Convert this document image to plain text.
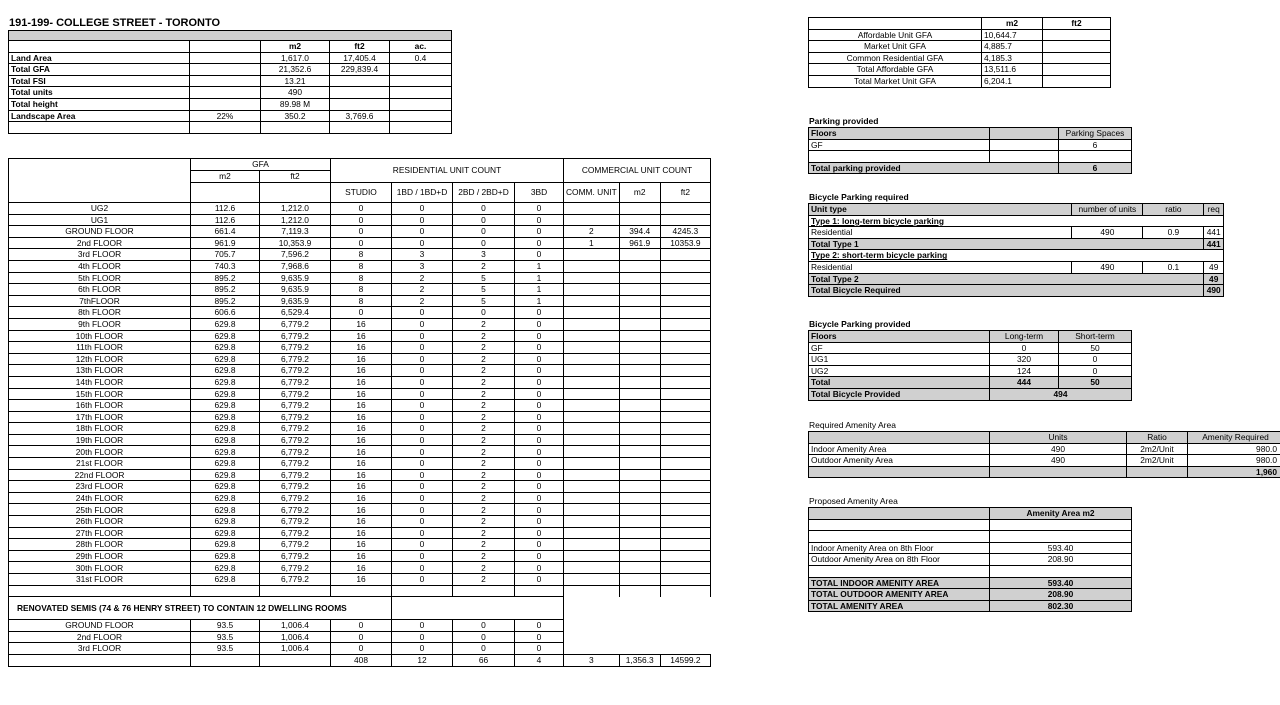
191-199- COLLEGE STREET - TORONTO

		m2	ft2	ac.
Land Area		1,617.0	17,405.4	0.4
Total GFA		21,352.6	229,839.4	
Total FSI		13.21		
Total units		490		
Total height		89.98 M		
Landscape Area	22%	350.2	3,769.6	

	GFA		RESIDENTIAL UNIT COUNT				COMMERCIAL UNIT COUNT		
	m2	ft2							
			STUDIO	1BD / 1BD+D	2BD / 2BD+D	3BD	COMM. UNIT	m2	ft2
UG2	112.6	1,212.0	0	0	0	0			
UG1	112.6	1,212.0	0	0	0	0			
GROUND FLOOR	661.4	7,119.3	0	0	0	0	2	394.4	4245.3
2nd FLOOR	961.9	10,353.9	0	0	0	0	1	961.9	10353.9
3rd FLOOR	705.7	7,596.2	8	3	3	0			
4th FLOOR	740.3	7,968.6	8	3	2	1			
5th FLOOR	895.2	9,635.9	8	2	5	1			
6th FLOOR	895.2	9,635.9	8	2	5	1			
7thFLOOR	895.2	9,635.9	8	2	5	1			
8th FLOOR	606.6	6,529.4	0	0	0	0			
9th FLOOR	629.8	6,779.2	16	0	2	0			
10th FLOOR	629.8	6,779.2	16	0	2	0			
11th FLOOR	629.8	6,779.2	16	0	2	0			
12th FLOOR	629.8	6,779.2	16	0	2	0			
13th FLOOR	629.8	6,779.2	16	0	2	0			
14th FLOOR	629.8	6,779.2	16	0	2	0			
15th FLOOR	629.8	6,779.2	16	0	2	0			
16th FLOOR	629.8	6,779.2	16	0	2	0			
17th FLOOR	629.8	6,779.2	16	0	2	0			
18th FLOOR	629.8	6,779.2	16	0	2	0			
19th FLOOR	629.8	6,779.2	16	0	2	0			
20th FLOOR	629.8	6,779.2	16	0	2	0			
21st FLOOR	629.8	6,779.2	16	0	2	0			
22nd FLOOR	629.8	6,779.2	16	0	2	0			
23rd FLOOR	629.8	6,779.2	16	0	2	0			
24th FLOOR	629.8	6,779.2	16	0	2	0			
25th FLOOR	629.8	6,779.2	16	0	2	0			
26th FLOOR	629.8	6,779.2	16	0	2	0			
27th FLOOR	629.8	6,779.2	16	0	2	0			
28th FLOOR	629.8	6,779.2	16	0	2	0			
29th FLOOR	629.8	6,779.2	16	0	2	0			
30th FLOOR	629.8	6,779.2	16	0	2	0			
31st FLOOR	629.8	6,779.2	16	0	2	0			

RENOVATED SEMIS (74 & 76 HENRY STREET) TO CONTAIN 12 DWELLING ROOMS									

GROUND FLOOR	93.5	1,006.4	0	0	0	0			
2nd FLOOR	93.5	1,006.4	0	0	0	0			
3rd FLOOR	93.5	1,006.4	0	0	0	0			
			408	12	66	4	3	1,356.3	14599.2
	m2	ft2
Affordable Unit GFA	10,644.7	
Market Unit GFA	4,885.7	
Common Residential GFA	4,185.3	
Total Affordable GFA	13,511.6	
Total Market Unit GFA	6,204.1	
Parking provided
Floors		Parking Spaces
GF		6

Total parking provided		6
Bicycle Parking required
Unit type	number of units	ratio	req
Type 1: long-term bicycle parking			
Residential	490	0.9	441
Total Type 1			441
Type 2: short-term bicycle parking			
Residential	490	0.1	49
Total Type 2			49
Total Bicycle Required			490
Bicycle Parking provided
Floors	Long-term	Short-term
GF	0	50
UG1	320	0
UG2	124	0
Total	444	50
Total Bicycle Provided	494	
Required Amenity Area
	Units	Ratio	Amenity Required
Indoor Amenity Area	490	2m2/Unit	980.0
Outdoor Amenity Area	490	2m2/Unit	980.0
			1,960
Proposed Amenity Area
	Amenity Area m2

Indoor Amenity Area on 8th Floor	593.40
Outdoor Amenity Area on 8th Floor	208.90

TOTAL INDOOR AMENITY AREA	593.40
TOTAL OUTDOOR AMENITY AREA	208.90
TOTAL AMENITY AREA	802.30
